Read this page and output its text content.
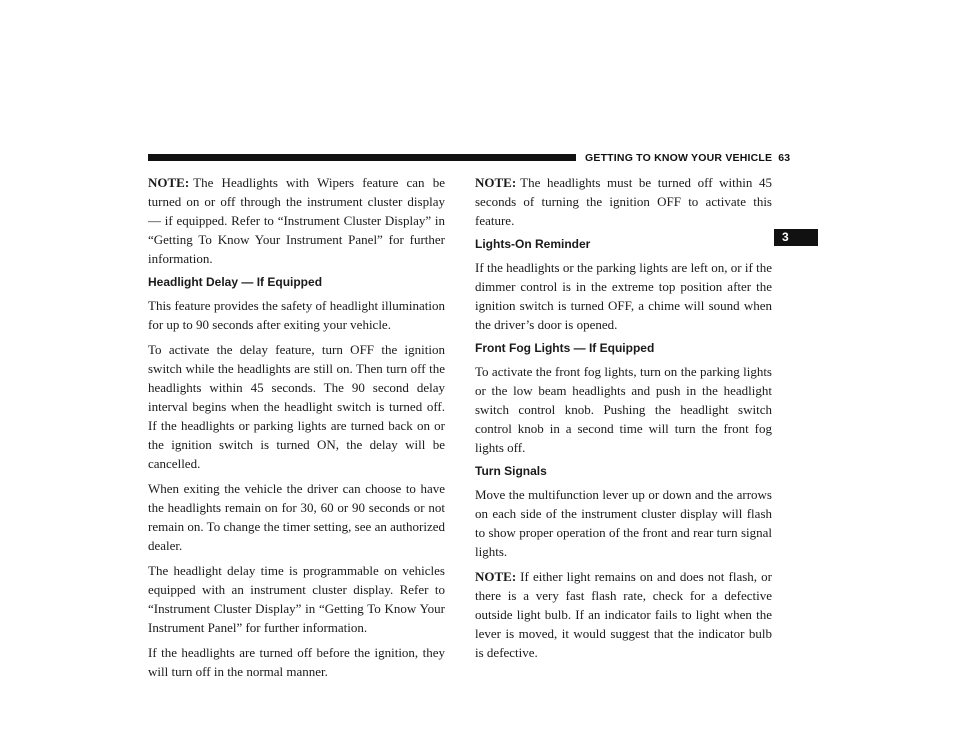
GETTING TO KNOW YOUR VEHICLE 63
3

NOTE: The Headlights with Wipers feature can be turned on or off through the instrument cluster display — if equipped. Refer to “Instrument Cluster Display” in “Getting To Know Your Instrument Panel” for further information.

Headlight Delay — If Equipped

This feature provides the safety of headlight illumination for up to 90 seconds after exiting your vehicle.

To activate the delay feature, turn OFF the ignition switch while the headlights are still on. Then turn off the headlights within 45 seconds. The 90 second delay interval begins when the headlight switch is turned off. If the headlights or parking lights are turned back on or the ignition switch is turned ON, the delay will be cancelled.

When exiting the vehicle the driver can choose to have the headlights remain on for 30, 60 or 90 seconds or not remain on. To change the timer setting, see an authorized dealer.

The headlight delay time is programmable on vehicles equipped with an instrument cluster display. Refer to “Instrument Cluster Display” in “Getting To Know Your Instrument Panel” for further information.

If the headlights are turned off before the ignition, they will turn off in the normal manner.

NOTE: The headlights must be turned off within 45 seconds of turning the ignition OFF to activate this feature.

Lights-On Reminder

If the headlights or the parking lights are left on, or if the dimmer control is in the extreme top position after the ignition switch is turned OFF, a chime will sound when the driver’s door is opened.

Front Fog Lights — If Equipped

To activate the front fog lights, turn on the parking lights or the low beam headlights and push in the headlight switch control knob. Pushing the headlight switch control knob in a second time will turn the front fog lights off.

Turn Signals

Move the multifunction lever up or down and the arrows on each side of the instrument cluster display will flash to show proper operation of the front and rear turn signal lights.

NOTE: If either light remains on and does not flash, or there is a very fast flash rate, check for a defective outside light bulb. If an indicator fails to light when the lever is moved, it would suggest that the indicator bulb is defective.
